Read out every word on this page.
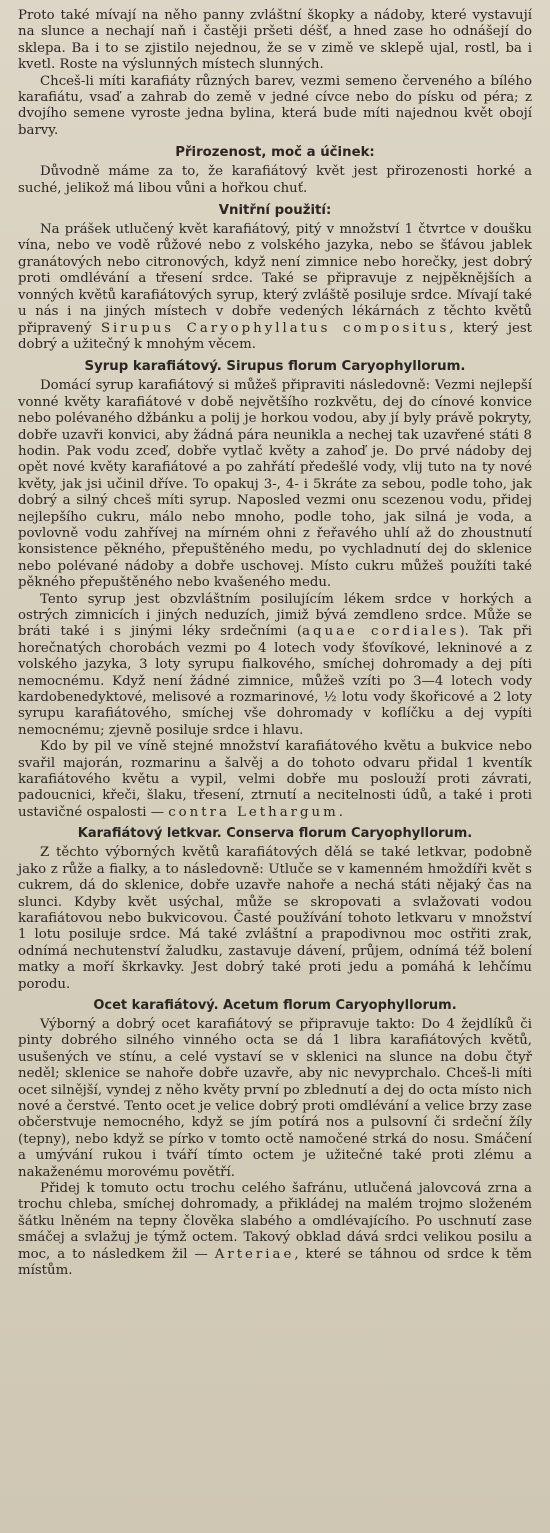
Proto také mívají na něho panny zvláštní škopky a nádoby, které vystavují na slunce a nechají naň i častěji pršeti déšť, a hned zase ho odnášejí do sklepa. Ba i to se zjistilo nejednou, že se v zimě ve sklepě ujal, rostl, ba i kvetl. Roste na výslunných místech slunných.

Chceš-li míti karafiáty různých barev, vezmi semeno červeného a bílého karafiátu, vsaď a zahrab do země v jedné cívce nebo do písku od péra; z dvojího semene vyroste jedna bylina, která bude míti najednou květ obojí barvy.

Přirozenost, moč a účinek:

Důvodně máme za to, že karafiátový květ jest přirozenosti horké a suché, jelikož má libou vůni a hořkou chuť.

Vnitřní použití:

Na prášek utlučený květ karafiátový, pitý v množství 1 čtvrtce v doušku vína, nebo ve vodě růžové nebo z volského jazyka, nebo se šťávou jablek granátových nebo citronových, když není zimnice nebo horečky, jest dobrý proti omdlévání a třesení srdce. Také se připravuje z nejpěknějších a vonných květů karafiátových syrup, který zvláště posiluje srdce. Mívají také u nás i na jiných místech v dobře vedených lékárnách z těchto květů připravený Sirupus Caryophyllatus compositus, který jest dobrý a užitečný k mnohým věcem.

Syrup karafiátový. Sirupus florum Caryophyllorum.

Domácí syrup karafiátový si můžeš připraviti následovně: Vezmi nejlepší vonné květy karafiátové v době největšího rozkvětu, dej do cínové konvice nebo polévaného džbánku a polij je horkou vodou, aby jí byly právě pokryty, dobře uzavři konvici, aby žádná pára neunikla a nechej tak uzavřené státi 8 hodin. Pak vodu zceď, dobře vytlač květy a zahoď je. Do prvé nádoby dej opět nové květy karafiátové a po zahřátí předešlé vody, vlij tuto na ty nové květy, jak jsi učinil dříve. To opakuj 3-, 4- i 5kráte za sebou, podle toho, jak dobrý a silný chceš míti syrup. Naposled vezmi onu scezenou vodu, přidej nejlepšího cukru, málo nebo mnoho, podle toho, jak silná je voda, a povlovně vodu zahřívej na mírném ohni z řeřavého uhlí až do zhoustnutí konsistence pěkného, přepuštěného medu, po vychladnutí dej do sklenice nebo polévané nádoby a dobře uschovej. Místo cukru můžeš použíti také pěkného přepuštěného nebo kvašeného medu.

Tento syrup jest obzvláštním posilujícím lékem srdce v horkých a ostrých zimnicích i jiných neduzích, jimiž bývá zemdleno srdce. Může se bráti také i s jinými léky srdečními (aquae cordiales). Tak při horečnatých chorobách vezmi po 4 lotech vody šťovíkové, lekninové a z volského jazyka, 3 loty syrupu fialkového, smíchej dohromady a dej píti nemocnému. Když není žádné zimnice, můžeš vzíti po 3—4 lotech vody kardobenedyktové, melisové a rozmarinové, ½ lotu vody škořicové a 2 loty syrupu karafiátového, smíchej vše dohromady v koflíčku a dej vypíti nemocnému; zjevně posiluje srdce i hlavu.

Kdo by pil ve víně stejné množství karafiátového květu a bukvice nebo svařil majorán, rozmarinu a šalvěj a do tohoto odvaru přidal 1 kventík karafiátového květu a vypil, velmi dobře mu poslouží proti závrati, padoucnici, křeči, šlaku, třesení, ztrnutí a necitelnosti údů, a také i proti ustavičné ospalosti — contra Lethargum.

Karafiátový letkvar. Conserva florum Caryophyllorum.

Z těchto výborných květů karafiátových dělá se také letkvar, podobně jako z růže a fialky, a to následovně: Utluče se v kamenném hmoždíři květ s cukrem, dá do sklenice, dobře uzavře nahoře a nechá státi nějaký čas na slunci. Kdyby květ usýchal, může se skropovati a svlažovati vodou karafiátovou nebo bukvicovou. Časté používání tohoto letkvaru v množství 1 lotu posiluje srdce. Má také zvláštní a prapodivnou moc ostřiti zrak, odnímá nechutenství žaludku, zastavuje dávení, průjem, odnímá též bolení matky a moří škrkavky. Jest dobrý také proti jedu a pomáhá k lehčímu porodu.

Ocet karafiátový. Acetum florum Caryophyllorum.

Výborný a dobrý ocet karafiátový se připravuje takto: Do 4 žejdlíků či pinty dobrého silného vinného octa se dá 1 libra karafiátových květů, usušených ve stínu, a celé vystaví se v sklenici na slunce na dobu čtyř neděl; sklenice se nahoře dobře uzavře, aby nic nevyprchalo. Chceš-li míti ocet silnější, vyndej z něho květy první po zblednutí a dej do octa místo nich nové a čerstvé. Tento ocet je velice dobrý proti omdlévání a velice brzy zase občerstvuje nemocného, když se jím potírá nos a pulsovní či srdeční žíly (tepny), nebo když se pírko v tomto octě namočené strká do nosu. Smáčení a umývání rukou i tváří tímto octem je užitečné také proti zlému a nakaženému morovému povětří.

Přidej k tomuto octu trochu celého šafránu, utlučená jalovcová zrna a trochu chleba, smíchej dohromady, a přikládej na malém trojmo složeném šátku lněném na tepny člověka slabého a omdlévajícího. Po uschnutí zase smáčej a svlažuj je týmž octem. Takový obklad dává srdci velikou posilu a moc, a to následkem žil — Arteriae, které se táhnou od srdce k těm místům.
